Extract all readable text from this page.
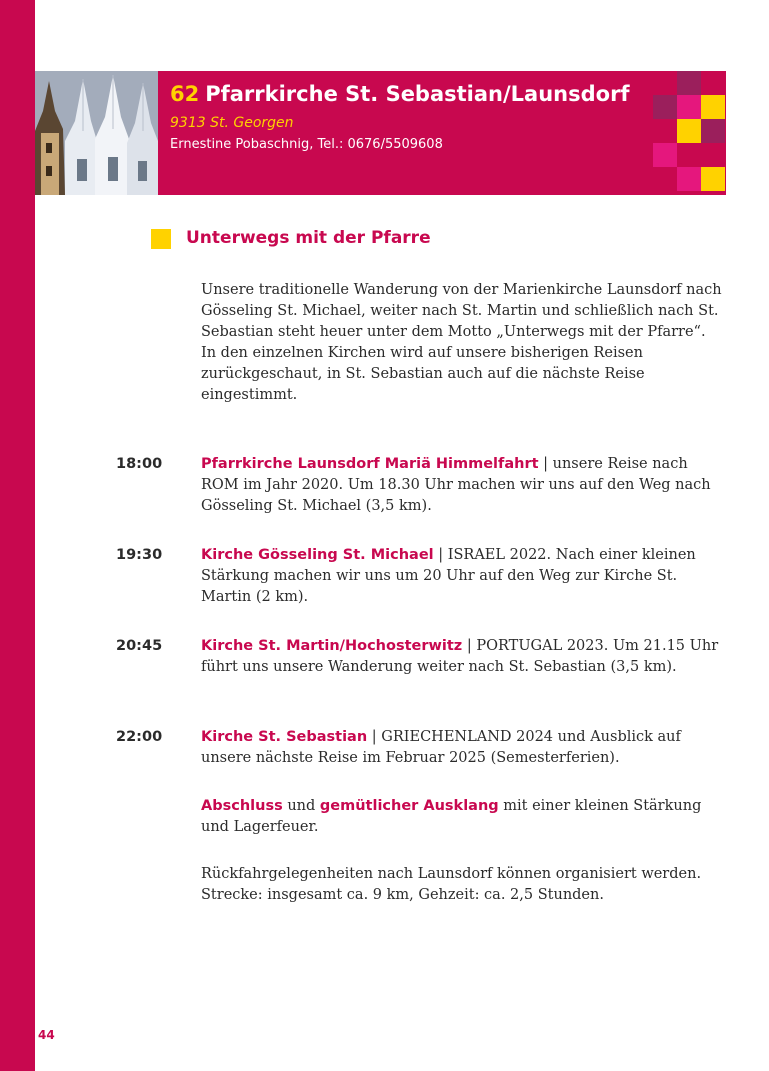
62 Pfarrkirche St. Sebastian/Launsdorf
9313 St. Georgen
Ernestine Pobaschnig, Tel.: 0676/5509608
Unterwegs mit der Pfarre

Unsere traditionelle Wanderung von der Marienkirche Launsdorf nach Gösseling St. Michael, weiter nach St. Martin und schließlich nach St. Sebastian steht heuer unter dem Motto „Unterwegs mit der Pfarre“. In den einzelnen Kirchen wird auf unsere bisherigen Reisen zurückgeschaut, in St. Sebastian auch auf die nächste Reise eingestimmt.

18:00	Pfarrkirche Launsdorf Mariä Himmelfahrt | unsere Reise nach ROM im Jahr 2020. Um 18.30 Uhr machen wir uns auf den Weg nach Gösseling St. Michael (3,5 km).

19:30	Kirche Gösseling St. Michael | ISRAEL 2022. Nach einer kleinen Stärkung machen wir uns um 20 Uhr auf den Weg zur Kirche St. Martin (2 km).

20:45	Kirche St. Martin/Hochosterwitz | PORTUGAL 2023. Um 21.15 Uhr führt uns unsere Wanderung weiter nach St. Sebastian (3,5 km).

22:00	Kirche St. Sebastian | GRIECHENLAND 2024 und Ausblick auf unsere nächste Reise im Februar 2025 (Semesterferien).

Abschluss und gemütlicher Ausklang mit einer kleinen Stärkung und Lagerfeuer.

Rückfahrgelegenheiten nach Launsdorf können organisiert werden. Strecke: insgesamt ca. 9 km, Gehzeit: ca. 2,5 Stunden.

44
